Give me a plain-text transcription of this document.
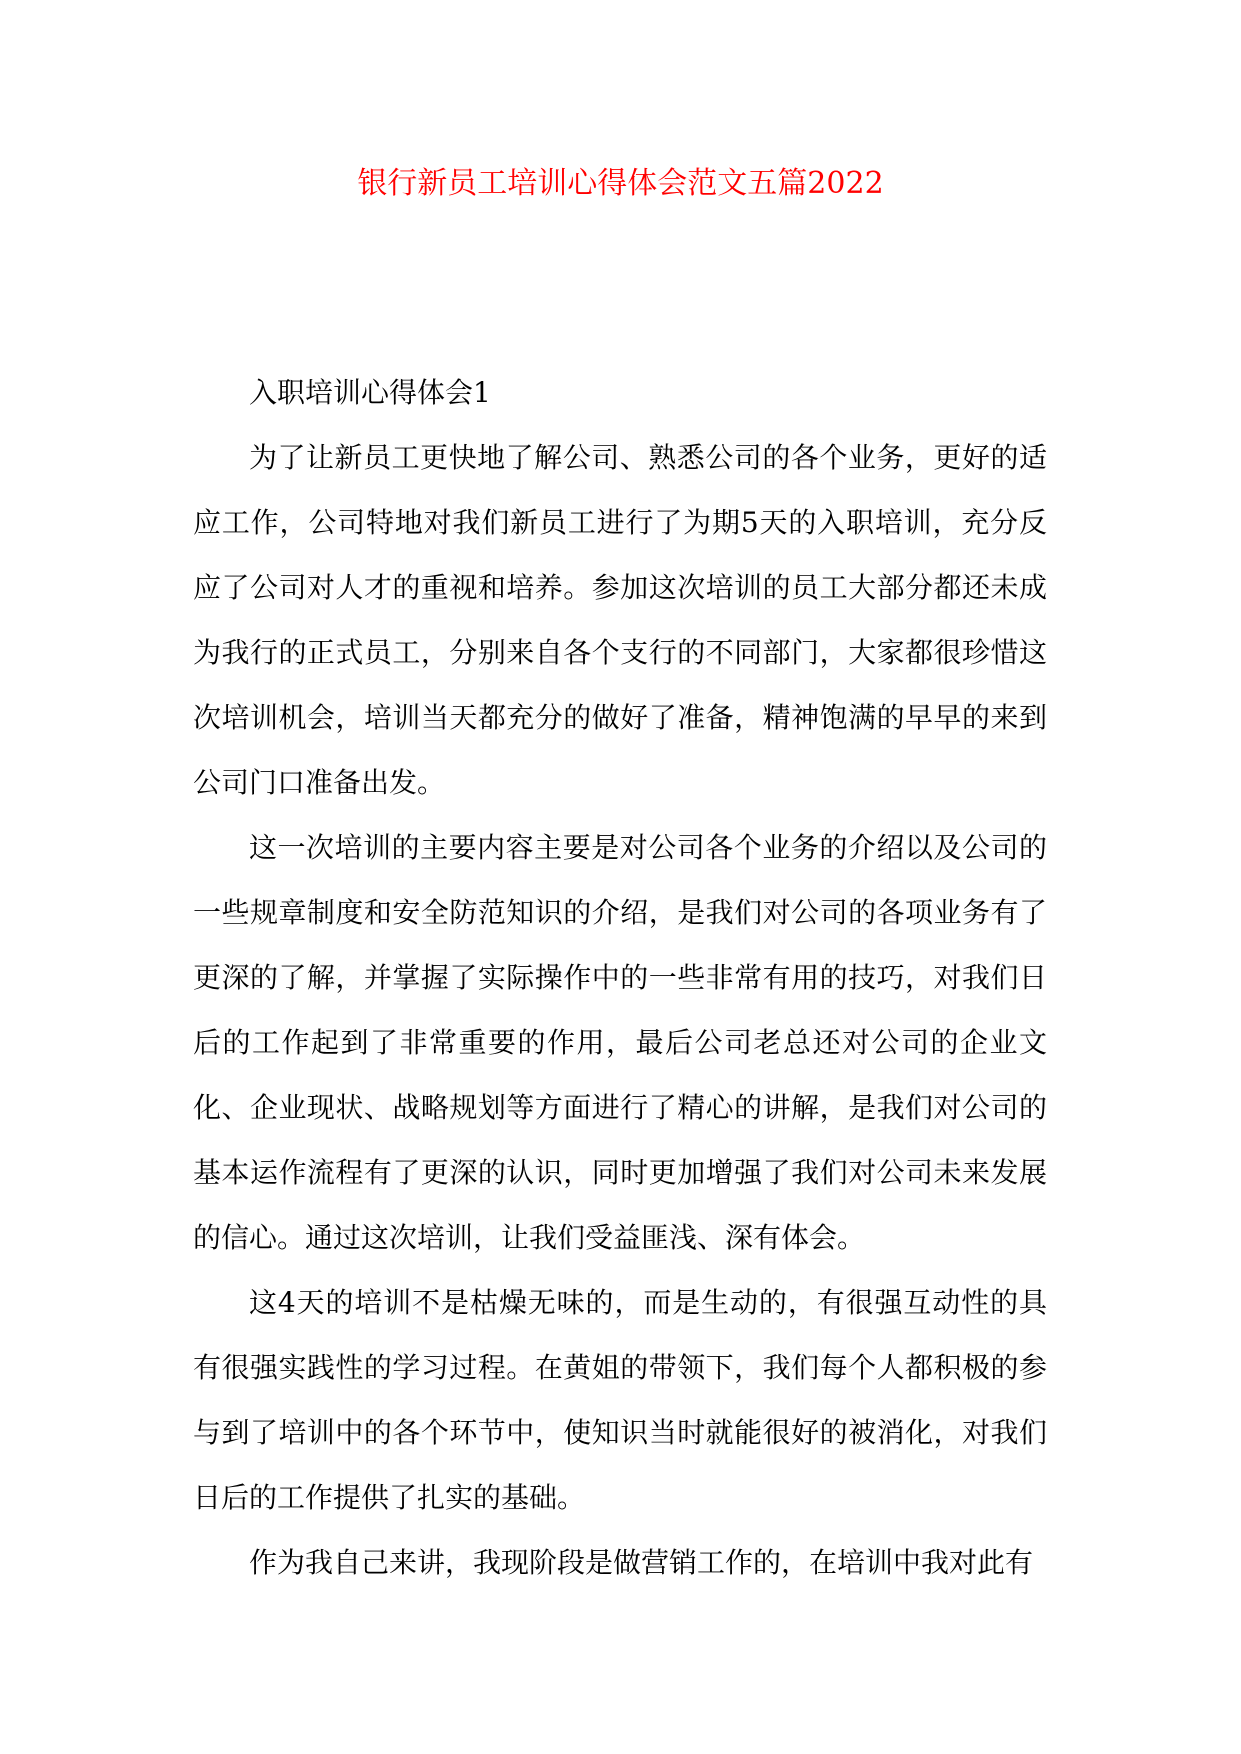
银行新员工培训心得体会范文五篇2022

入职培训心得体会1

为了让新员工更快地了解公司、熟悉公司的各个业务，更好的适应工作，公司特地对我们新员工进行了为期5天的入职培训，充分反应了公司对人才的重视和培养。参加这次培训的员工大部分都还未成为我行的正式员工，分别来自各个支行的不同部门，大家都很珍惜这次培训机会，培训当天都充分的做好了准备，精神饱满的早早的来到公司门口准备出发。

这一次培训的主要内容主要是对公司各个业务的介绍以及公司的一些规章制度和安全防范知识的介绍，是我们对公司的各项业务有了更深的了解，并掌握了实际操作中的一些非常有用的技巧，对我们日后的工作起到了非常重要的作用，最后公司老总还对公司的企业文化、企业现状、战略规划等方面进行了精心的讲解，是我们对公司的基本运作流程有了更深的认识，同时更加增强了我们对公司未来发展的信心。通过这次培训，让我们受益匪浅、深有体会。

这4天的培训不是枯燥无味的，而是生动的，有很强互动性的具有很强实践性的学习过程。在黄姐的带领下，我们每个人都积极的参与到了培训中的各个环节中，使知识当时就能很好的被消化，对我们日后的工作提供了扎实的基础。

作为我自己来讲，我现阶段是做营销工作的，在培训中我对此有
